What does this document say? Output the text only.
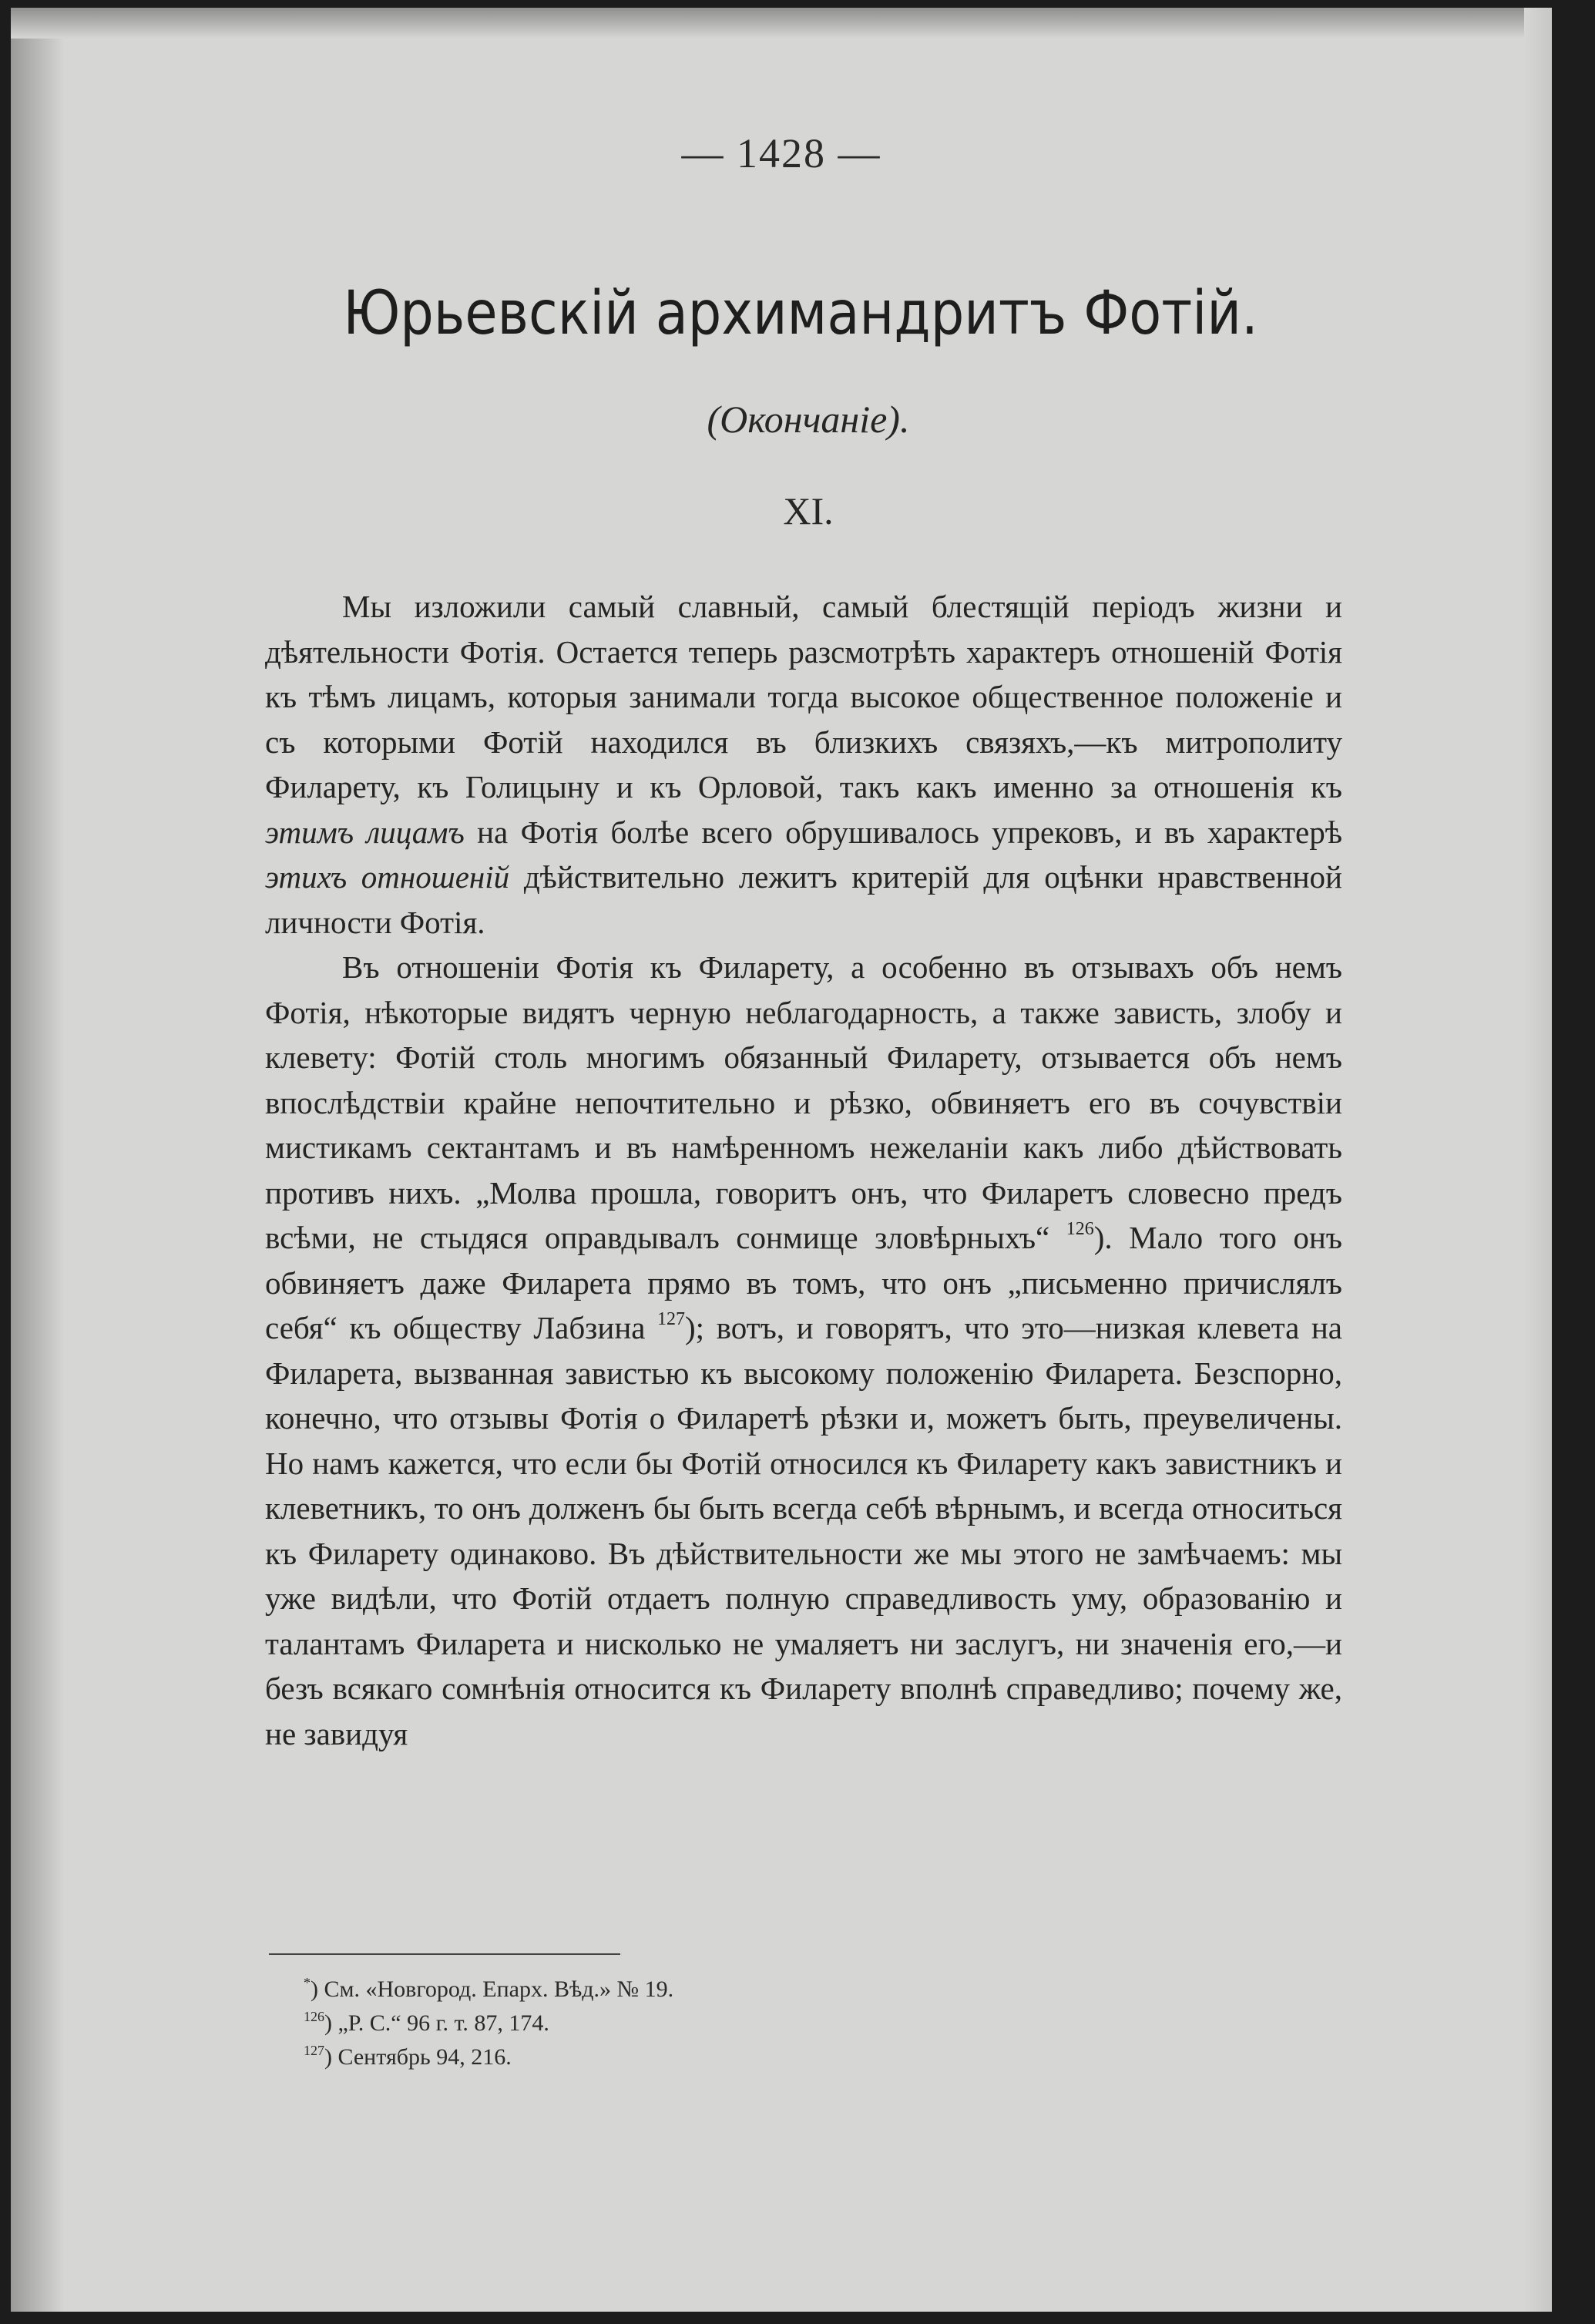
— 1428 —
Юрьевскій архимандритъ Фотій.
(Окончаніе).
XI.

Мы изложили самый славный, самый блестящій періодъ жизни и дѣятельности Фотія. Остается теперь разсмотрѣть характеръ отношеній Фотія къ тѣмъ лицамъ, которыя занимали тогда высокое общественное положеніе и съ которыми Фотій находился въ близкихъ связяхъ,—къ митрополиту Филарету, къ Голицыну и къ Орловой, такъ какъ именно за отношенія къ этимъ лицамъ на Фотія болѣе всего обрушивалось упрековъ, и въ характерѣ этихъ отношеній дѣйствительно лежитъ критерій для оцѣнки нравственной личности Фотія.

Въ отношеніи Фотія къ Филарету, а особенно въ отзывахъ объ немъ Фотія, нѣкоторые видятъ черную неблагодарность, а также зависть, злобу и клевету: Фотій столь многимъ обязанный Филарету, отзывается объ немъ впослѣдствіи крайне непочтительно и рѣзко, обвиняетъ его въ сочувствіи мистикамъ сектантамъ и въ намѣренномъ нежеланіи какъ либо дѣйствовать противъ нихъ. „Молва прошла, говоритъ онъ, что Филаретъ словесно предъ всѣми, не стыдяся оправдывалъ сонмище зловѣрныхъ“ $^{126}$). Мало того онъ обвиняетъ даже Филарета прямо въ томъ, что онъ „письменно причислялъ себя“ къ обществу Лабзина $^{127}$); вотъ, и говорятъ, что это—низкая клевета на Филарета, вызванная завистью къ высокому положенію Филарета. Безспорно, конечно, что отзывы Фотія о Филаретѣ рѣзки и, можетъ быть, преувеличены. Но намъ кажется, что если бы Фотій относился къ Филарету какъ завистникъ и клеветникъ, то онъ долженъ бы быть всегда себѣ вѣрнымъ, и всегда относиться къ Филарету одинаково. Въ дѣйствительности же мы этого не замѣчаемъ: мы уже видѣли, что Фотій отдаетъ полную справедливость уму, образованію и талантамъ Филарета и нисколько не умаляетъ ни заслугъ, ни значенія его,—и безъ всякаго сомнѣнія относится къ Филарету вполнѣ справедливо; почему же, не завидуя

*) См. «Новгород. Епарх. Вѣд.» № 19.
$^{126}$) „Р. С.“ 96 г. т. 87, 174.
$^{127}$) Сентябрь 94, 216.
